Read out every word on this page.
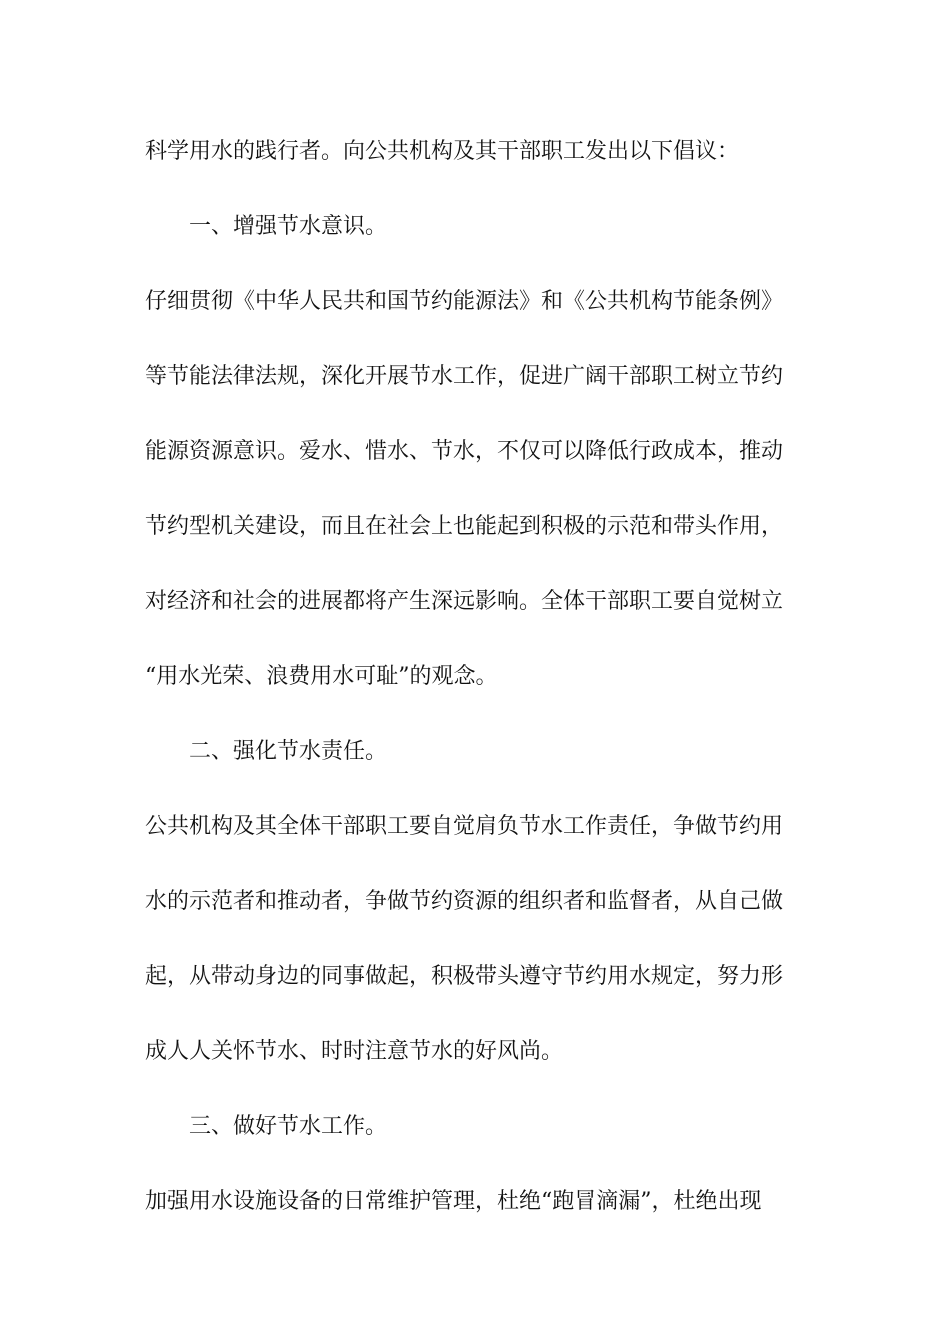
科学用水的践行者。向公共机构及其干部职工发出以下倡议：
一、增强节水意识。
仔细贯彻《中华人民共和国节约能源法》和《公共机构节能条例》
等节能法律法规，深化开展节水工作，促进广阔干部职工树立节约
能源资源意识。爱水、惜水、节水，不仅可以降低行政成本，推动
节约型机关建设，而且在社会上也能起到积极的示范和带头作用，
对经济和社会的进展都将产生深远影响。全体干部职工要自觉树立
“用水光荣、浪费用水可耻”的观念。
二、强化节水责任。
公共机构及其全体干部职工要自觉肩负节水工作责任，争做节约用
水的示范者和推动者，争做节约资源的组织者和监督者，从自己做
起，从带动身边的同事做起，积极带头遵守节约用水规定，努力形
成人人关怀节水、时时注意节水的好风尚。
三、做好节水工作。
加强用水设施设备的日常维护管理，杜绝“跑冒滴漏”，杜绝出现
